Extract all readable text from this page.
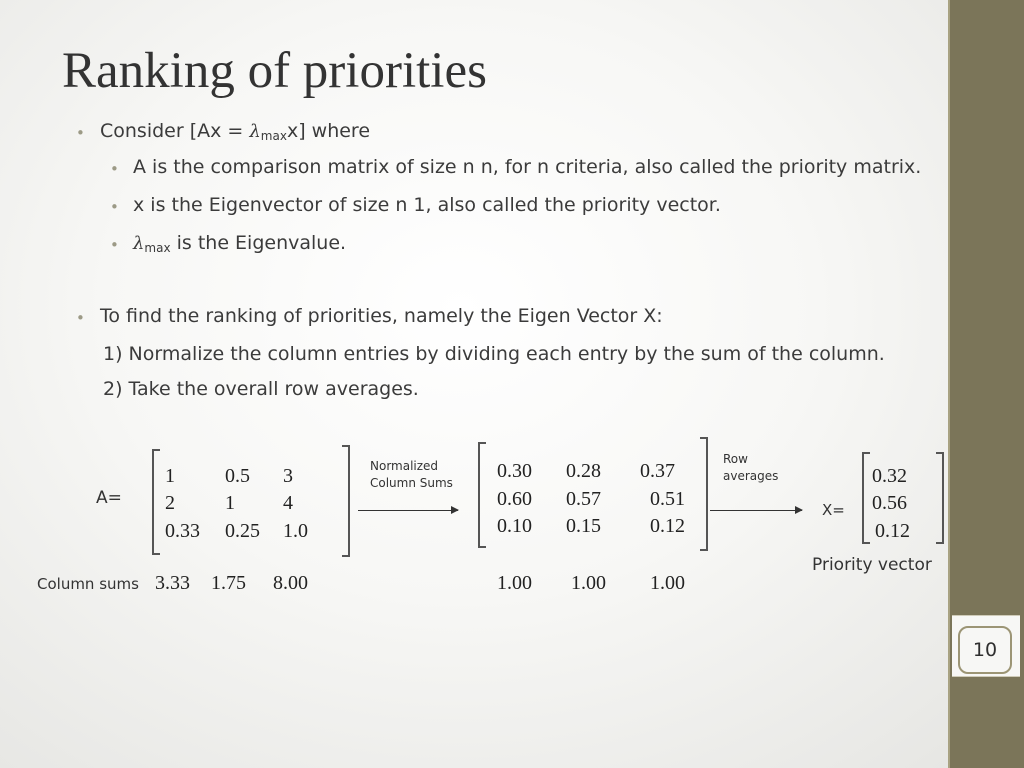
10
Ranking of priorities
• Consider $[Ax = \lambda_{max}x]$ where
• A is the comparison matrix of size n n, for n criteria, also called the priority matrix.
• x is the Eigenvector of size n 1, also called the priority vector.
• $\lambda_{max}$ is the Eigenvalue.
• To find the ranking of priorities, namely the Eigen Vector X:
1) Normalize the column entries by dividing each entry by the sum of the column.
2) Take the overall row averages.
A=
1	0.5 3
2	1 4
0.33 0.25 1.0
Column sums 3.33 1.75 8.00
Normalized
Column Sums
0.30 0.28 0.37
0.60 0.57 0.51
0.10 0.15 0.12
1.00 1.00 1.00
Row
averages
X=
0.32
0.56
0.12
Priority vector
